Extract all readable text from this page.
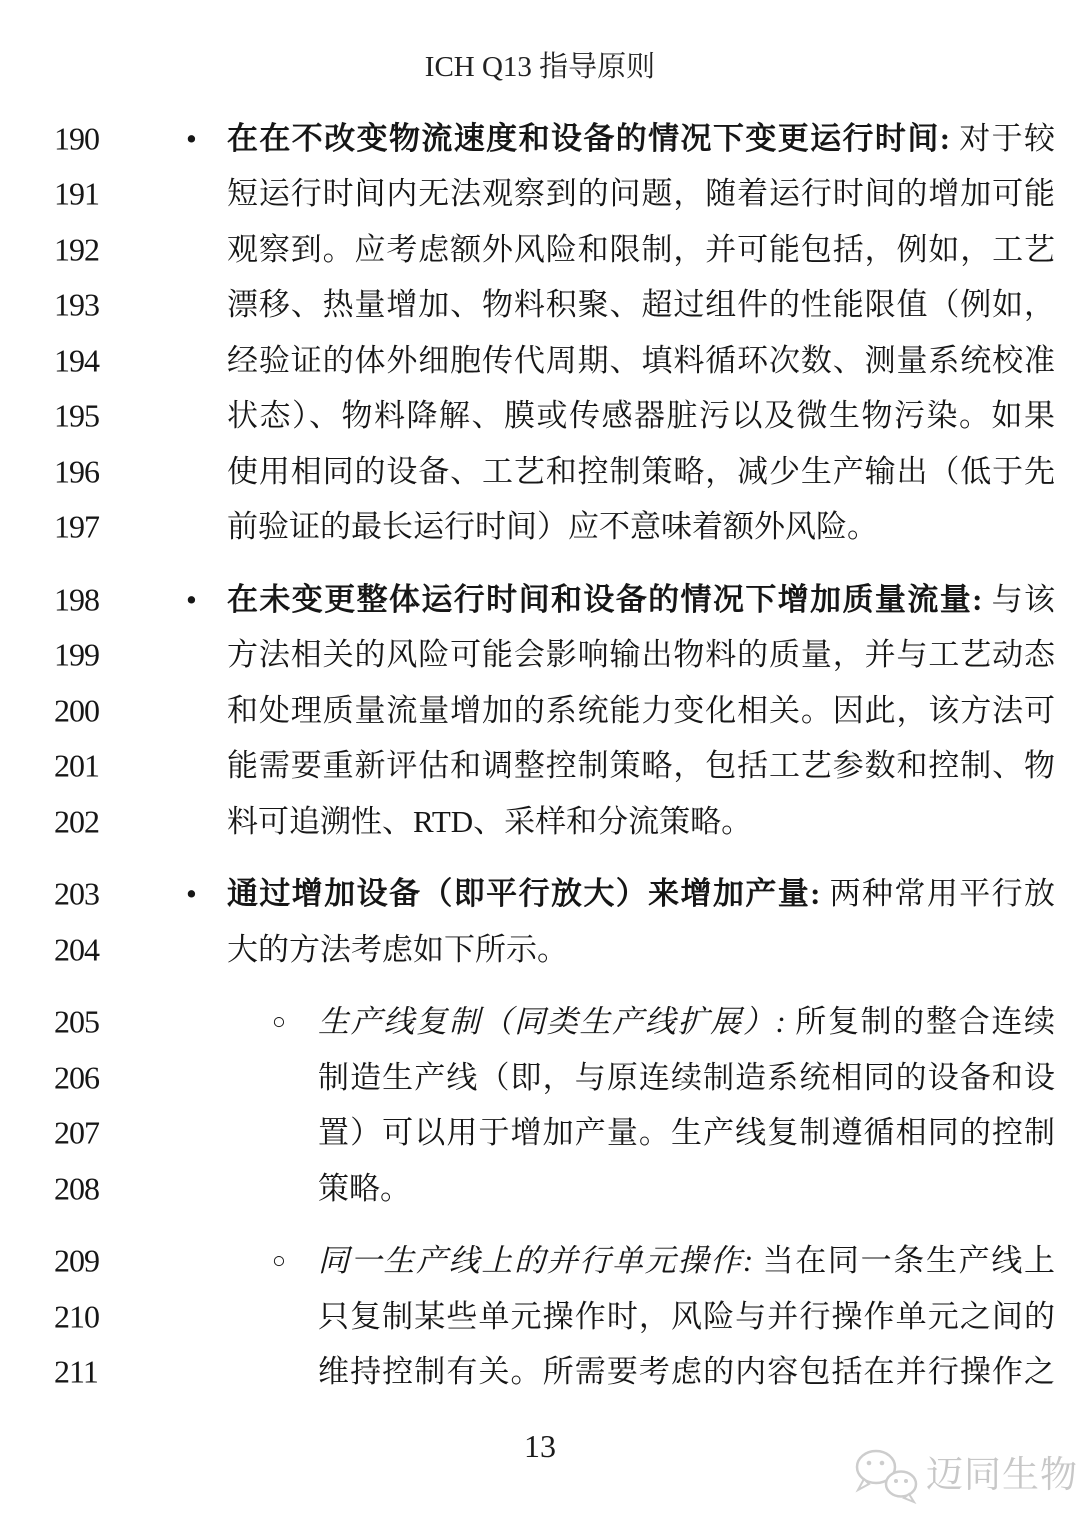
ICH Q13 指导原则
190	• 在在不改变物流速度和设备的情况下变更运行时间: 对于较
191	短运行时间内无法观察到的问题，随着运行时间的增加可能
192	观察到。应考虑额外风险和限制，并可能包括，例如，工艺
193	漂移、热量增加、物料积聚、超过组件的性能限值（例如，
194	经验证的体外细胞传代周期、填料循环次数、测量系统校准
195	状态）、物料降解、膜或传感器脏污以及微生物污染。如果
196	使用相同的设备、工艺和控制策略，减少生产输出（低于先
197	前验证的最长运行时间）应不意味着额外风险。
198	• 在未变更整体运行时间和设备的情况下增加质量流量: 与该
199	方法相关的风险可能会影响输出物料的质量，并与工艺动态
200	和处理质量流量增加的系统能力变化相关。因此，该方法可
201	能需要重新评估和调整控制策略，包括工艺参数和控制、物
202	料可追溯性、RTD、采样和分流策略。
203	• 通过增加设备（即平行放大）来增加产量: 两种常用平行放
204	大的方法考虑如下所示。
205	○ 生产线复制（同类生产线扩展）: 所复制的整合连续
206	制造生产线（即，与原连续制造系统相同的设备和设
207	置）可以用于增加产量。生产线复制遵循相同的控制
208	策略。
209	○ 同一生产线上的并行单元操作: 当在同一条生产线上
210	只复制某些单元操作时，风险与并行操作单元之间的
211	维持控制有关。所需要考虑的内容包括在并行操作之
13
迈同生物
